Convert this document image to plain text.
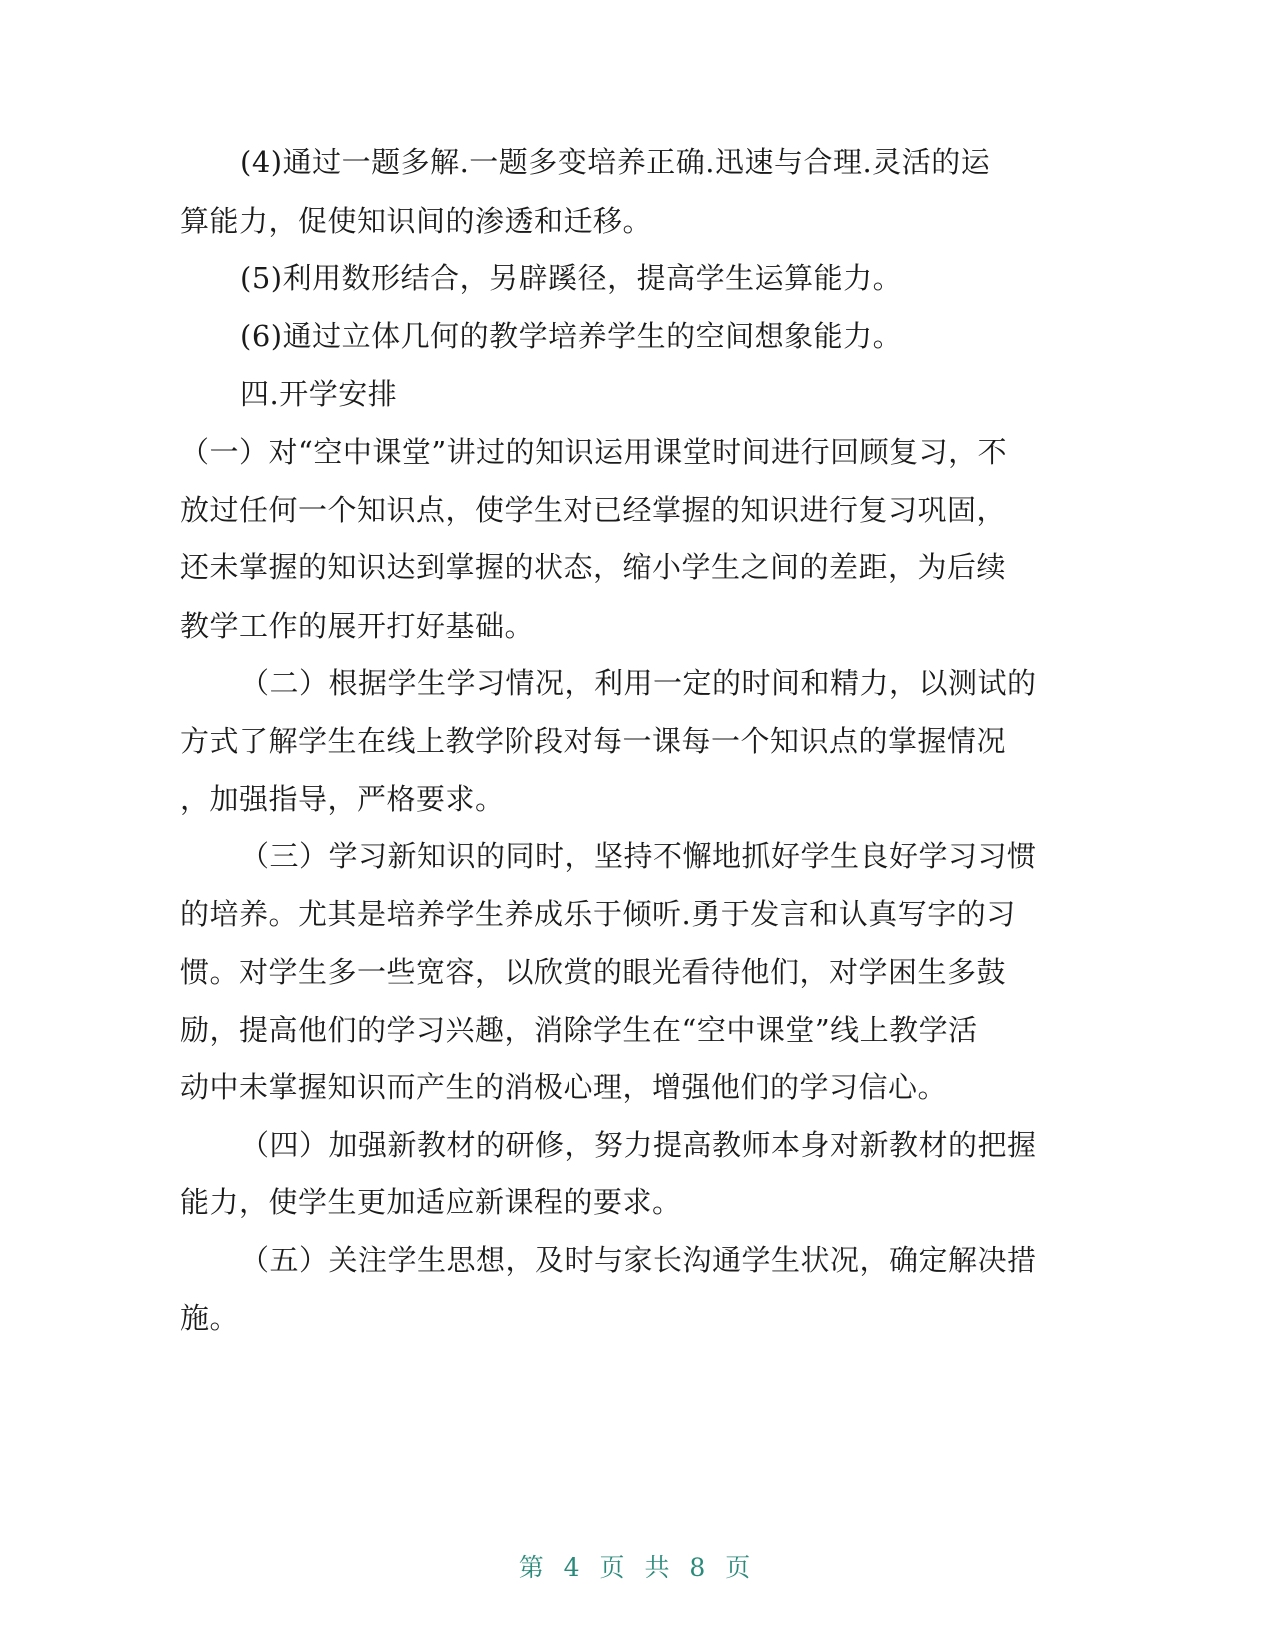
(4)通过一题多解.一题多变培养正确.迅速与合理.灵活的运
算能力，促使知识间的渗透和迁移。
(5)利用数形结合，另辟蹊径，提高学生运算能力。
(6)通过立体几何的教学培养学生的空间想象能力。
四.开学安排
（一）对“空中课堂”讲过的知识运用课堂时间进行回顾复习，不
放过任何一个知识点，使学生对已经掌握的知识进行复习巩固，
还未掌握的知识达到掌握的状态，缩小学生之间的差距，为后续
教学工作的展开打好基础。
（二）根据学生学习情况，利用一定的时间和精力，以测试的
方式了解学生在线上教学阶段对每一课每一个知识点的掌握情况
，加强指导，严格要求。
（三）学习新知识的同时，坚持不懈地抓好学生良好学习习惯
的培养。尤其是培养学生养成乐于倾听.勇于发言和认真写字的习
惯。对学生多一些宽容，以欣赏的眼光看待他们，对学困生多鼓
励，提高他们的学习兴趣，消除学生在“空中课堂”线上教学活
动中未掌握知识而产生的消极心理，增强他们的学习信心。
（四）加强新教材的研修，努力提高教师本身对新教材的把握
能力，使学生更加适应新课程的要求。
（五）关注学生思想，及时与家长沟通学生状况，确定解决措
施。
第 4 页 共 8 页
